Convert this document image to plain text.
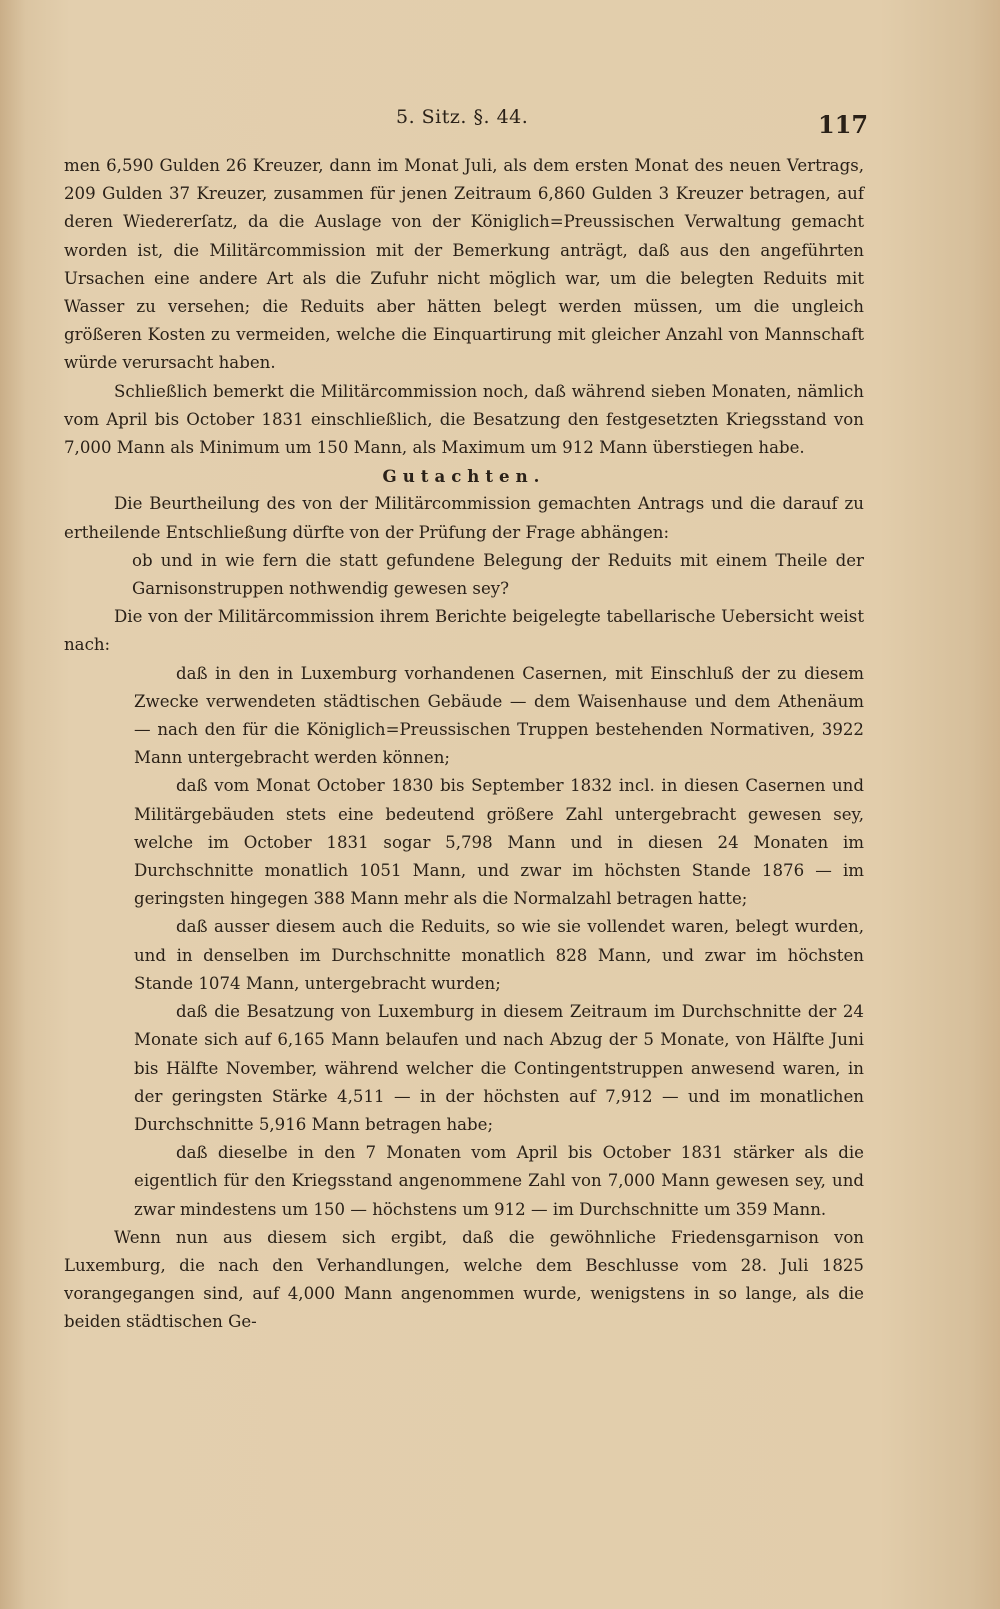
5. Sitz. §. 44.	117

men 6,590 Gulden 26 Kreuzer, dann im Monat Juli, als dem ersten Monat des neuen Vertrags, 209 Gulden 37 Kreuzer, zusammen für jenen Zeitraum 6,860 Gulden 3 Kreuzer betragen, auf deren Wiedererſatz, da die Auslage von der Königlich=Preussischen Verwaltung gemacht worden ist, die Militärcommission mit der Bemerkung anträgt, daß aus den angeführten Ursachen eine andere Art als die Zufuhr nicht möglich war, um die belegten Reduits mit Wasser zu versehen; die Reduits aber hätten belegt werden müssen, um die ungleich größeren Kosten zu vermeiden, welche die Einquartirung mit gleicher Anzahl von Mannschaft würde verursacht haben.

Schließlich bemerkt die Militärcommission noch, daß während sieben Monaten, nämlich vom April bis October 1831 einschließlich, die Besatzung den festgesetzten Kriegsstand von 7,000 Mann als Minimum um 150 Mann, als Maximum um 912 Mann überstiegen habe.

Gutachten.

Die Beurtheilung des von der Militärcommission gemachten Antrags und die darauf zu ertheilende Entschließung dürfte von der Prüfung der Frage abhängen:

ob und in wie fern die statt gefundene Belegung der Reduits mit einem Theile der Garnisonstruppen nothwendig gewesen sey?

Die von der Militärcommission ihrem Berichte beigelegte tabellarische Uebersicht weist nach:

daß in den in Luxemburg vorhandenen Casernen, mit Einschluß der zu diesem Zwecke verwendeten städtischen Gebäude — dem Waisenhause und dem Athenäum — nach den für die Königlich=Preussischen Truppen bestehenden Normativen, 3922 Mann untergebracht werden können;

daß vom Monat October 1830 bis September 1832 incl. in diesen Casernen und Militärgebäuden stets eine bedeutend größere Zahl untergebracht gewesen sey, welche im October 1831 sogar 5,798 Mann und in diesen 24 Monaten im Durchschnitte monatlich 1051 Mann, und zwar im höchsten Stande 1876 — im geringsten hingegen 388 Mann mehr als die Normalzahl betragen hatte;

daß ausser diesem auch die Reduits, so wie sie vollendet waren, belegt wurden, und in denselben im Durchschnitte monatlich 828 Mann, und zwar im höchsten Stande 1074 Mann, untergebracht wurden;

daß die Besatzung von Luxemburg in diesem Zeitraum im Durchschnitte der 24 Monate sich auf 6,165 Mann belaufen und nach Abzug der 5 Monate, von Hälfte Juni bis Hälfte November, während welcher die Contingentstruppen anwesend waren, in der geringsten Stärke 4,511 — in der höchsten auf 7,912 — und im monatlichen Durchschnitte 5,916 Mann betragen habe;

daß dieselbe in den 7 Monaten vom April bis October 1831 stärker als die eigentlich für den Kriegsstand angenommene Zahl von 7,000 Mann gewesen sey, und zwar mindestens um 150 — höchstens um 912 — im Durchschnitte um 359 Mann.

Wenn nun aus diesem sich ergibt, daß die gewöhnliche Friedensgarnison von Luxemburg, die nach den Verhandlungen, welche dem Beschlusse vom 28. Juli 1825 vorangegangen sind, auf 4,000 Mann angenommen wurde, wenigstens in so lange, als die beiden städtischen Ge-
